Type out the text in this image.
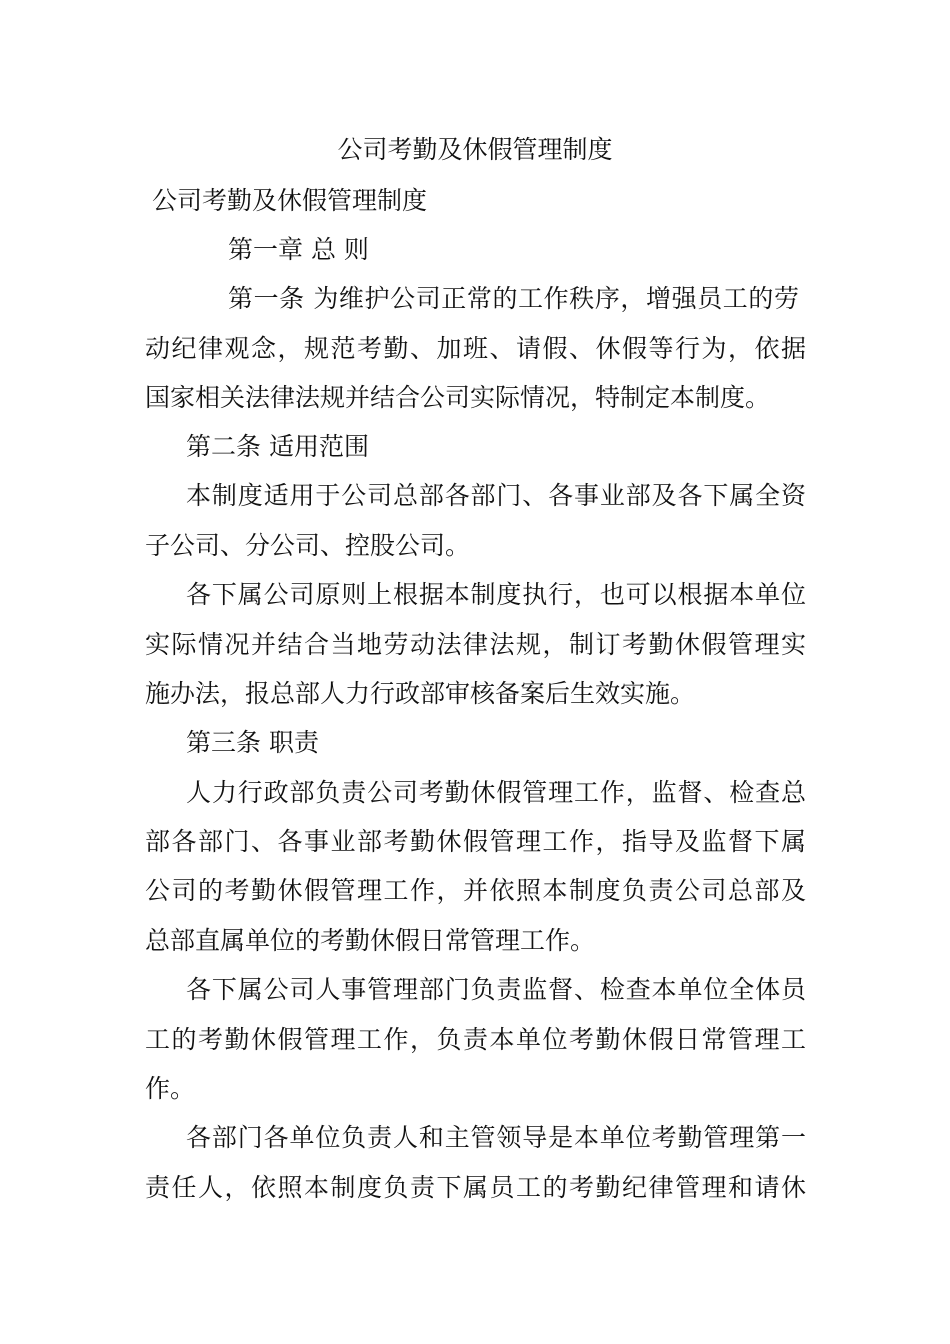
公司考勤及休假管理制度
公司考勤及休假管理制度
第一章 总 则
第一条 为维护公司正常的工作秩序，增强员工的劳
动纪律观念，规范考勤、加班、请假、休假等行为，依据
国家相关法律法规并结合公司实际情况，特制定本制度。
第二条 适用范围
本制度适用于公司总部各部门、各事业部及各下属全资
子公司、分公司、控股公司。
各下属公司原则上根据本制度执行，也可以根据本单位
实际情况并结合当地劳动法律法规，制订考勤休假管理实
施办法，报总部人力行政部审核备案后生效实施。
第三条 职责
人力行政部负责公司考勤休假管理工作，监督、检查总
部各部门、各事业部考勤休假管理工作，指导及监督下属
公司的考勤休假管理工作，并依照本制度负责公司总部及
总部直属单位的考勤休假日常管理工作。
各下属公司人事管理部门负责监督、检查本单位全体员
工的考勤休假管理工作，负责本单位考勤休假日常管理工
作。
各部门各单位负责人和主管领导是本单位考勤管理第一
责任人，依照本制度负责下属员工的考勤纪律管理和请休
